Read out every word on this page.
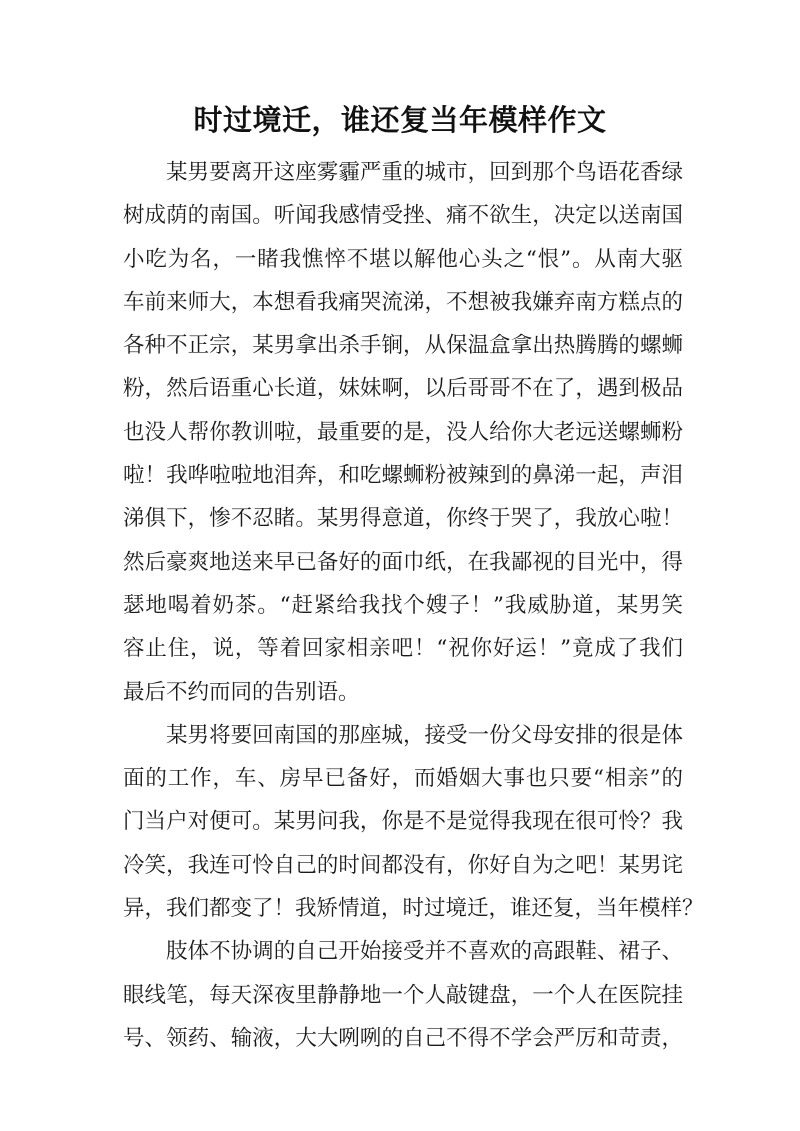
时过境迁，谁还复当年模样作文

某男要离开这座雾霾严重的城市，回到那个鸟语花香绿
树成荫的南国。听闻我感情受挫、痛不欲生，决定以送南国
小吃为名，一睹我憔悴不堪以解他心头之“恨”。从南大驱
车前来师大，本想看我痛哭流涕，不想被我嫌弃南方糕点的
各种不正宗，某男拿出杀手锏，从保温盒拿出热腾腾的螺蛳
粉，然后语重心长道，妹妹啊，以后哥哥不在了，遇到极品
也没人帮你教训啦，最重要的是，没人给你大老远送螺蛳粉
啦！我哗啦啦地泪奔，和吃螺蛳粉被辣到的鼻涕一起，声泪
涕俱下，惨不忍睹。某男得意道，你终于哭了，我放心啦！
然后豪爽地送来早已备好的面巾纸，在我鄙视的目光中，得
瑟地喝着奶茶。“赶紧给我找个嫂子！”我威胁道，某男笑
容止住，说，等着回家相亲吧！“祝你好运！”竟成了我们
最后不约而同的告别语。

某男将要回南国的那座城，接受一份父母安排的很是体
面的工作，车、房早已备好，而婚姻大事也只要“相亲”的
门当户对便可。某男问我，你是不是觉得我现在很可怜？我
冷笑，我连可怜自己的时间都没有，你好自为之吧！某男诧
异，我们都变了！我矫情道，时过境迁，谁还复，当年模样？

肢体不协调的自己开始接受并不喜欢的高跟鞋、裙子、
眼线笔，每天深夜里静静地一个人敲键盘，一个人在医院挂
号、领药、输液，大大咧咧的自己不得不学会严厉和苛责，
